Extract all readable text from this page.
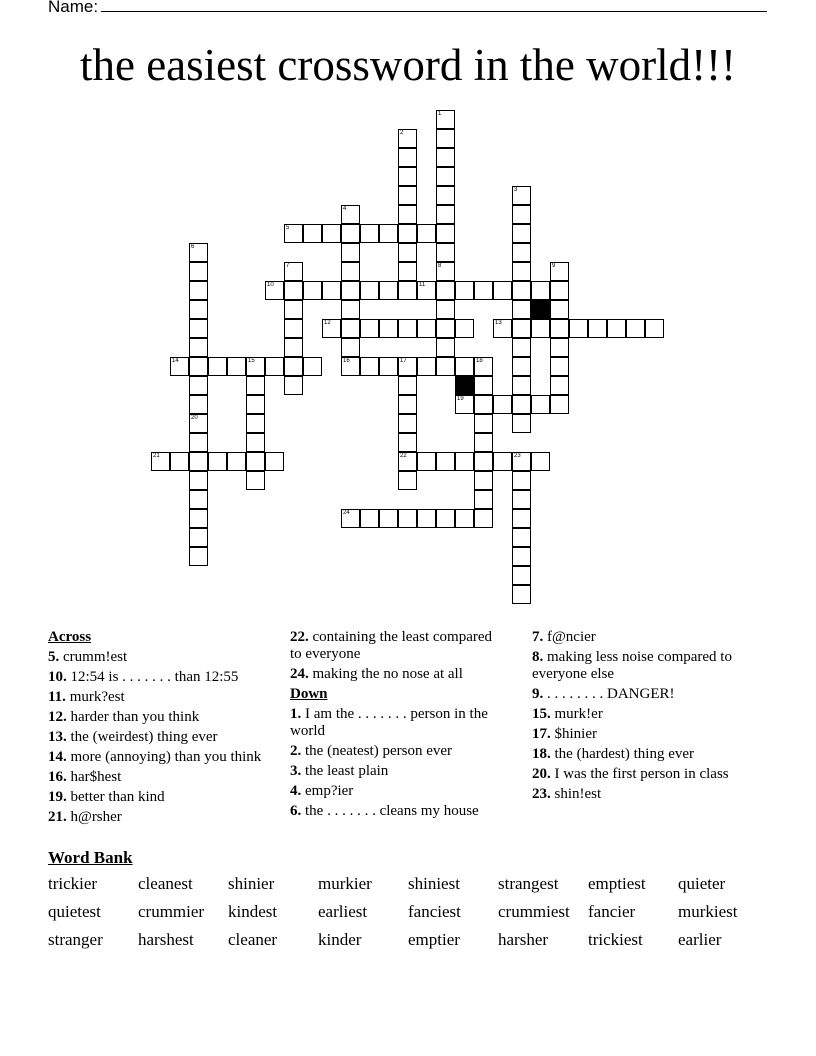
Name:
the easiest crossword in the world!!!
1
2
3
4
5
6
7	8	9
10	11
12	13
14	15	16	17	18
22
19
20
21	23
24
Across
5. crumm!est
10. 12:54 is . . . . . . . than 12:55
11. murk?est
12. harder than you think
13. the (weirdest) thing ever
14. more (annoying) than you think
16. har$hest
19. better than kind
21. h@rsher
22. containing the least compared to everyone
24. making the no nose at all
Down
1. I am the . . . . . . . person in the world
2. the (neatest) person ever
3. the least plain
4. emp?ier
6. the . . . . . . . cleans my house
7. f@ncier
8. making less noise compared to everyone else
9. . . . . . . . . DANGER!
15. murk!er
17. $hinier
18. the (hardest) thing ever
20. I was the first person in class
23. shin!est
Word Bank
trickier cleanest shinier	murkier shiniest strangest emptiest quieter
quietest crummier kindest earliest fanciest crummiest fancier	murkiest
stranger harshest cleaner kinder	emptier harsher trickiest earlier
